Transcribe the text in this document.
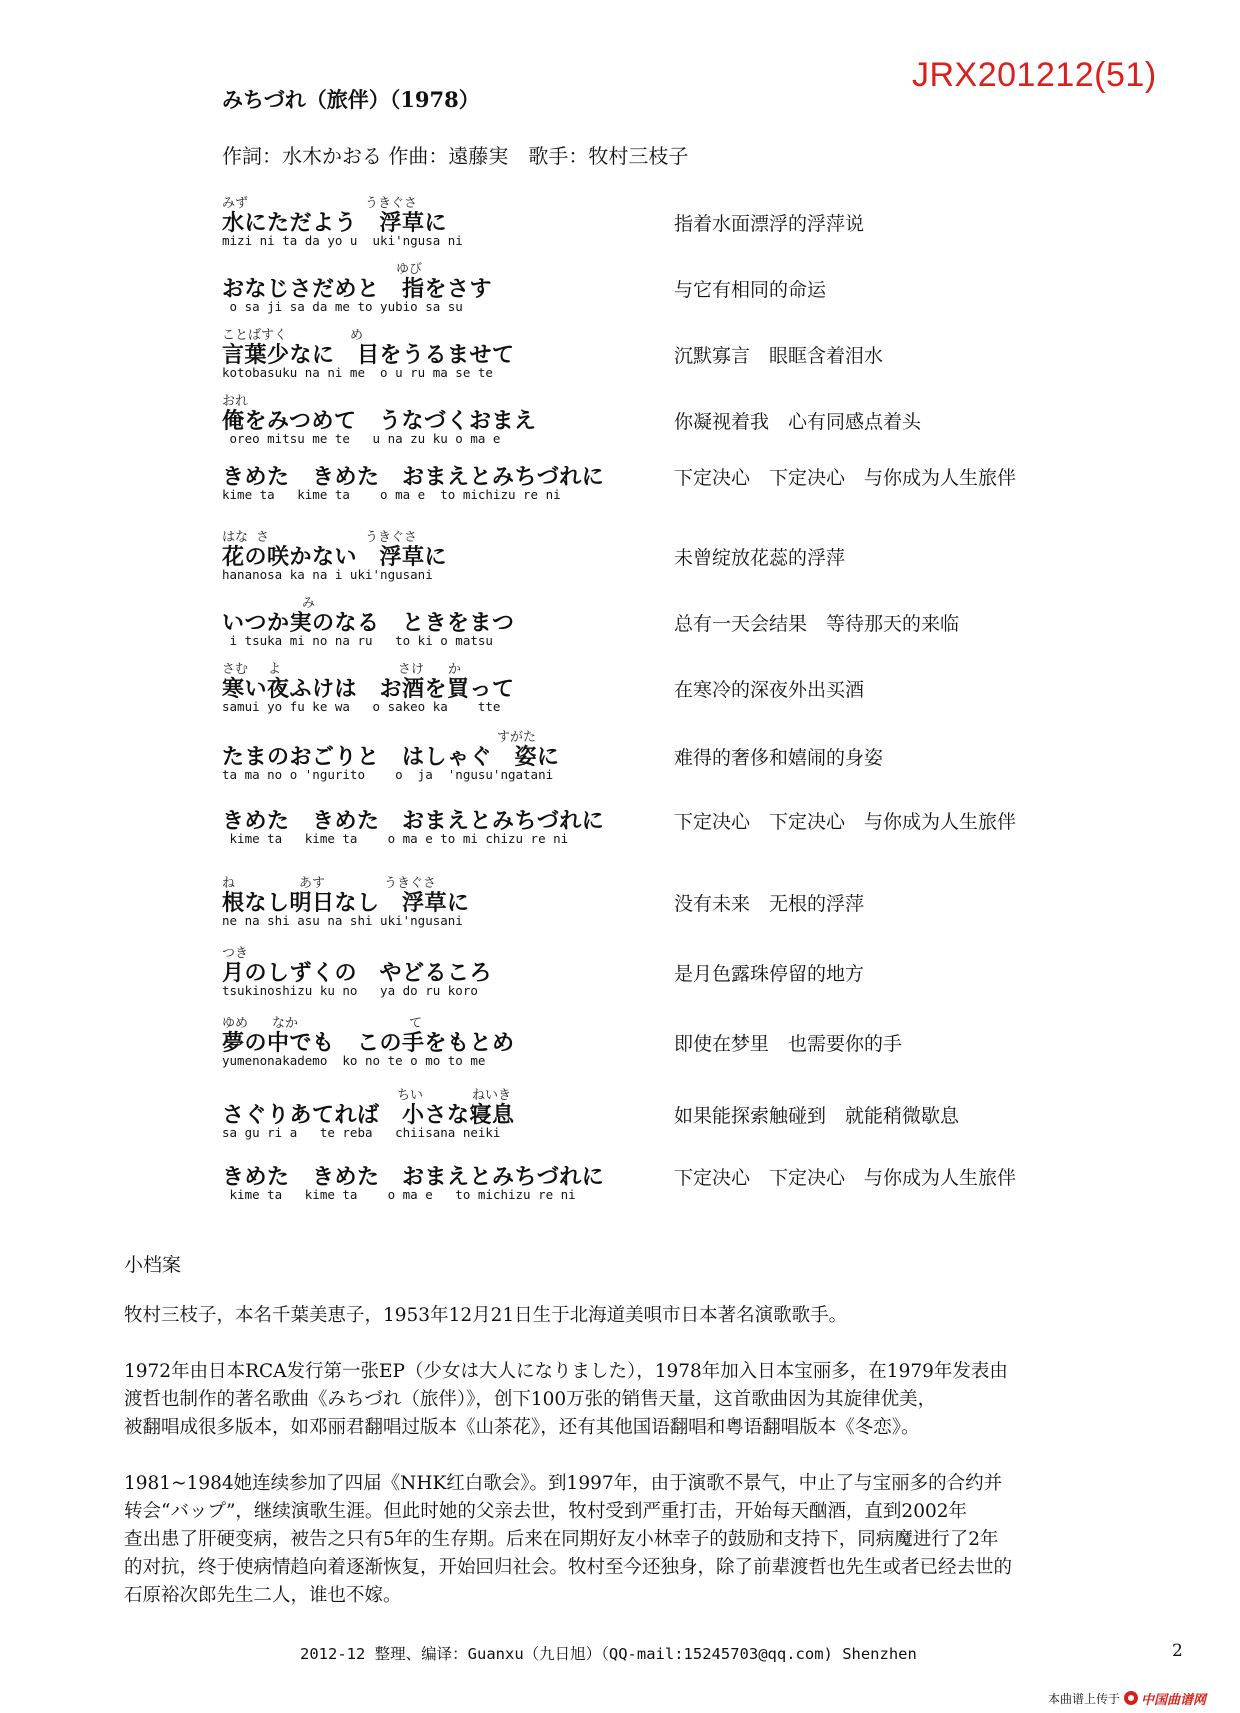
JRX201212(51)
みちづれ（旅伴）（1978）
作詞：水木かおる 作曲：遠藤実　歌手：牧村三枝子
みず	うきぐさ
水にただよう　浮草に
mizi ni ta da yo u  uki'ngusa ni
指着水面漂浮的浮萍说
ゆび
おなじさだめと　指をさす
o sa ji sa da me to yubio sa su
与它有相同的命运
ことばすく	め
言葉少なに　目をうるませて
kotobasuku na ni me  o u ru ma se te
沉默寡言　眼眶含着泪水
おれ
俺をみつめて　うなづくおまえ
oreo mitsu me te   u na zu ku o ma e
你凝视着我　心有同感点着头
きめた　きめた　おまえとみちづれに
kime ta   kime ta    o ma e  to michizu re ni
下定决心　下定决心　与你成为人生旅伴
はな さ	うきぐさ
花の咲かない　浮草に
hananosa ka na i uki'ngusani
未曾绽放花蕊的浮萍
み
いつか実のなる　ときをまつ
i tsuka mi no na ru   to ki o matsu
总有一天会结果　等待那天的来临
さむ よ	さけ か
寒い夜ふけは　お酒を買って
samui yo fu ke wa   o sakeo ka    tte
在寒冷的深夜外出买酒
すがた
たまのおごりと　はしゃぐ　姿に
ta ma no o 'ngurito    o  ja  'ngusu'ngatani
难得的奢侈和嬉闹的身姿
きめた　きめた　おまえとみちづれに
kime ta   kime ta    o ma e to mi chizu re ni
下定决心　下定决心　与你成为人生旅伴
ね	あす	うきぐさ
根なし明日なし　浮草に
ne na shi asu na shi uki'ngusani
没有未来　无根的浮萍
つき
月のしずくの　やどるころ
tsukinoshizu ku no   ya do ru koro
是月色露珠停留的地方
ゆめ なか	て
夢の中でも　この手をもとめ
yumenonakademo  ko no te o mo to me
即使在梦里　也需要你的手
ちい	ねいき
さぐりあてれば　小さな寝息
sa gu ri a   te reba   chiisana neiki
如果能探索触碰到　就能稍微歇息
きめた　きめた　おまえとみちづれに
kime ta   kime ta    o ma e   to michizu re ni
下定决心　下定决心　与你成为人生旅伴
小档案
牧村三枝子，本名千葉美恵子，1953年12月21日生于北海道美唄市日本著名演歌歌手。
1972年由日本RCA发行第一张EP（少女は大人になりました），1978年加入日本宝丽多，在1979年发表由
渡哲也制作的著名歌曲《みちづれ（旅伴）》，创下100万张的销售天量，这首歌曲因为其旋律优美，
被翻唱成很多版本，如邓丽君翻唱过版本《山茶花》，还有其他国语翻唱和粤语翻唱版本《冬恋》。
1981~1984她连续参加了四届《NHK红白歌会》。到1997年，由于演歌不景气，中止了与宝丽多的合约并
转会“バップ”，继续演歌生涯。但此时她的父亲去世，牧村受到严重打击，开始每天酗酒，直到2002年
查出患了肝硬变病，被告之只有5年的生存期。后来在同期好友小林幸子的鼓励和支持下，同病魔进行了2年
的对抗，终于使病情趋向着逐渐恢复，开始回归社会。牧村至今还独身，除了前辈渡哲也先生或者已经去世的
石原裕次郎先生二人，谁也不嫁。
2012-12 整理、编译：Guanxu（九日旭）（QQ-mail:15245703@qq.com) Shenzhen	2
本曲谱上传于 中国曲谱网
